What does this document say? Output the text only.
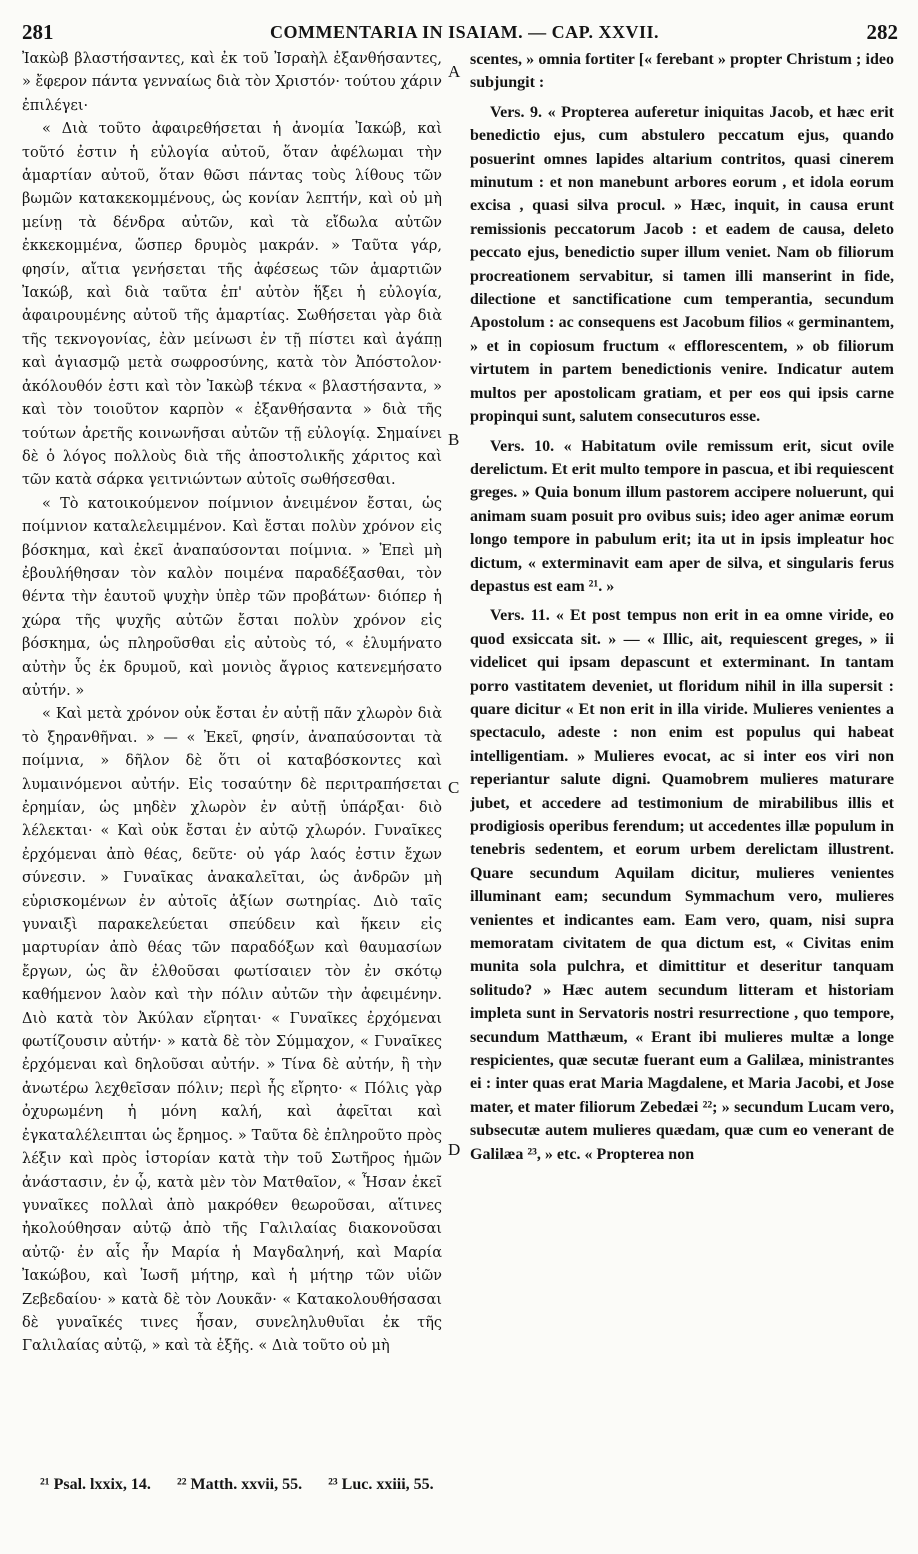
281	COMMENTARIA IN ISAIAM. — CAP. XXVII.	282

Ἰακὼβ βλαστήσαντες, καὶ ἐκ τοῦ Ἰσραὴλ ἐξανθήσαντες, » ἔφερον πάντα γενναίως διὰ τὸν Χριστόν· τούτου χάριν ἐπιλέγει·

« Διὰ τοῦτο ἀφαιρεθήσεται ἡ ἀνομία Ἰακώβ, καὶ τοῦτό ἐστιν ἡ εὐλογία αὐτοῦ, ὅταν ἀφέλωμαι τὴν ἁμαρτίαν αὐτοῦ, ὅταν θῶσι πάντας τοὺς λίθους τῶν βωμῶν κατακεκομμένους, ὡς κονίαν λεπτήν, καὶ οὐ μὴ μείνῃ τὰ δένδρα αὐτῶν, καὶ τὰ εἴδωλα αὐτῶν ἐκκεκομμένα, ὥσπερ δρυμὸς μακράν. » Ταῦτα γάρ, φησίν, αἴτια γενήσεται τῆς ἀφέσεως τῶν ἁμαρτιῶν Ἰακώβ, καὶ διὰ ταῦτα ἐπ' αὐτὸν ἥξει ἡ εὐλογία, ἀφαιρουμένης αὐτοῦ τῆς ἁμαρτίας. Σωθήσεται γὰρ διὰ τῆς τεκνογονίας, ἐὰν μείνωσι ἐν τῇ πίστει καὶ ἀγάπῃ καὶ ἁγιασμῷ μετὰ σωφροσύνης, κατὰ τὸν Ἀπόστολον· ἀκόλουθόν ἐστι καὶ τὸν Ἰακὼβ τέκνα « βλαστήσαντα, » καὶ τὸν τοιοῦτον καρπὸν « ἐξανθήσαντα » διὰ τῆς τούτων ἀρετῆς κοινωνῆσαι αὐτῶν τῇ εὐλογίᾳ. Σημαίνει δὲ ὁ λόγος πολλοὺς διὰ τῆς ἀποστολικῆς χάριτος καὶ τῶν κατὰ σάρκα γειτνιώντων αὐτοῖς σωθήσεσθαι.

« Τὸ κατοικούμενον ποίμνιον ἀνειμένον ἔσται, ὡς ποίμνιον καταλελειμμένον. Καὶ ἔσται πολὺν χρόνον εἰς βόσκημα, καὶ ἐκεῖ ἀναπαύσονται ποίμνια. » Ἐπεὶ μὴ ἐβουλήθησαν τὸν καλὸν ποιμένα παραδέξασθαι, τὸν θέντα τὴν ἑαυτοῦ ψυχὴν ὑπὲρ τῶν προβάτων· διόπερ ἡ χώρα τῆς ψυχῆς αὐτῶν ἔσται πολὺν χρόνον εἰς βόσκημα, ὡς πληροῦσθαι εἰς αὐτοὺς τό, « ἐλυμήνατο αὐτὴν ὗς ἐκ δρυμοῦ, καὶ μονιὸς ἄγριος κατενεμήσατο αὐτήν. »

« Καὶ μετὰ χρόνον οὐκ ἔσται ἐν αὐτῇ πᾶν χλωρὸν διὰ τὸ ξηρανθῆναι. » — « Ἐκεῖ, φησίν, ἀναπαύσονται τὰ ποίμνια, » δῆλον δὲ ὅτι οἱ καταβόσκοντες καὶ λυμαινόμενοι αὐτήν. Εἰς τοσαύτην δὲ περιτραπήσεται ἐρημίαν, ὡς μηδὲν χλωρὸν ἐν αὐτῇ ὑπάρξαι· διὸ λέλεκται· « Καὶ οὐκ ἔσται ἐν αὐτῷ χλωρόν. Γυναῖκες ἐρχόμεναι ἀπὸ θέας, δεῦτε· οὐ γάρ λαός ἐστιν ἔχων σύνεσιν. » Γυναῖκας ἀνακαλεῖται, ὡς ἀνδρῶν μὴ εὑρισκομένων ἐν αὐτοῖς ἀξίων σωτηρίας. Διὸ ταῖς γυναιξὶ παρακελεύεται σπεύδειν καὶ ἥκειν εἰς μαρτυρίαν ἀπὸ θέας τῶν παραδόξων καὶ θαυμασίων ἔργων, ὡς ἂν ἐλθοῦσαι φωτίσαιεν τὸν ἐν σκότῳ καθήμενον λαὸν καὶ τὴν πόλιν αὐτῶν τὴν ἀφειμένην. Διὸ κατὰ τὸν Ἀκύλαν εἴρηται· « Γυναῖκες ἐρχόμεναι φωτίζουσιν αὐτήν· » κατὰ δὲ τὸν Σύμμαχον, « Γυναῖκες ἐρχόμεναι καὶ δηλοῦσαι αὐτήν. » Τίνα δὲ αὐτήν, ἢ τὴν ἀνωτέρω λεχθεῖσαν πόλιν; περὶ ἧς εἴρητο· « Πόλις γὰρ ὀχυρωμένη ἡ μόνη καλή, καὶ ἀφεῖται καὶ ἐγκαταλέλειπται ὡς ἔρημος. » Ταῦτα δὲ ἐπληροῦτο πρὸς λέξιν καὶ πρὸς ἱστορίαν κατὰ τὴν τοῦ Σωτῆρος ἡμῶν ἀνάστασιν, ἐν ᾧ, κατὰ μὲν τὸν Ματθαῖον, « Ἦσαν ἐκεῖ γυναῖκες πολλαὶ ἀπὸ μακρόθεν θεωροῦσαι, αἵτινες ἠκολούθησαν αὐτῷ ἀπὸ τῆς Γαλιλαίας διακονοῦσαι αὐτῷ· ἐν αἷς ἦν Μαρία ἡ Μαγδαληνή, καὶ Μαρία Ἰακώβου, καὶ Ἰωσῆ μήτηρ, καὶ ἡ μήτηρ τῶν υἱῶν Ζεβεδαίου· » κατὰ δὲ τὸν Λουκᾶν· « Κατακολουθήσασαι δὲ γυναῖκές τινες ἦσαν, συνεληλυθυῖαι ἐκ τῆς Γαλιλαίας αὐτῷ, » καὶ τὰ ἑξῆς. « Διὰ τοῦτο οὐ μὴ

A
B
C
D

scentes, » omnia fortiter [« ferebant » propter Christum ; ideo subjungit :

Vers. 9. « Propterea auferetur iniquitas Jacob, et hæc erit benedictio ejus, cum abstulero peccatum ejus, quando posuerint omnes lapides altarium contritos, quasi cinerem minutum : et non manebunt arbores eorum , et idola eorum excisa , quasi silva procul. » Hæc, inquit, in causa erunt remissionis peccatorum Jacob : et eadem de causa, deleto peccato ejus, benedictio super illum veniet. Nam ob filiorum procreationem servabitur, si tamen illi manserint in fide, dilectione et sanctificatione cum temperantia, secundum Apostolum : ac consequens est Jacobum filios « germinantem, » et in copiosum fructum « efflorescentem, » ob filiorum virtutem in partem benedictionis venire. Indicatur autem multos per apostolicam gratiam, et per eos qui ipsis carne propinqui sunt, salutem consecuturos esse.

Vers. 10. « Habitatum ovile remissum erit, sicut ovile derelictum. Et erit multo tempore in pascua, et ibi requiescent greges. » Quia bonum illum pastorem accipere noluerunt, qui animam suam posuit pro ovibus suis; ideo ager animæ eorum longo tempore in pabulum erit; ita ut in ipsis impleatur hoc dictum, « exterminavit eam aper de silva, et singularis ferus depastus est eam ²¹. »

Vers. 11. « Et post tempus non erit in ea omne viride, eo quod exsiccata sit. » — « Illic, ait, requiescent greges, » ii videlicet qui ipsam depascunt et exterminant. In tantam porro vastitatem deveniet, ut floridum nihil in illa supersit : quare dicitur « Et non erit in illa viride. Mulieres venientes a spectaculo, adeste : non enim est populus qui habeat intelligentiam. » Mulieres evocat, ac si inter eos viri non reperiantur salute digni. Quamobrem mulieres maturare jubet, et accedere ad testimonium de mirabilibus illis et prodigiosis operibus ferendum; ut accedentes illæ populum in tenebris sedentem, et eorum urbem derelictam illustrent. Quare secundum Aquilam dicitur, mulieres venientes illuminant eam; secundum Symmachum vero, mulieres venientes et indicantes eam. Eam vero, quam, nisi supra memoratam civitatem de qua dictum est, « Civitas enim munita sola pulchra, et dimittitur et deseritur tanquam solitudo? » Hæc autem secundum litteram et historiam impleta sunt in Servatoris nostri resurrectione , quo tempore, secundum Matthæum, « Erant ibi mulieres multæ a longe respicientes, quæ secutæ fuerant eum a Galilæa, ministrantes ei : inter quas erat Maria Magdalene, et Maria Jacobi, et Jose mater, et mater filiorum Zebedæi ²²; » secundum Lucam vero, subsecutæ autem mulieres quædam, quæ cum eo venerant de Galilæa ²³, » etc. « Propterea non

²¹ Psal. lxxix, 14. ²² Matth. xxvii, 55. ²³ Luc. xxiii, 55.
